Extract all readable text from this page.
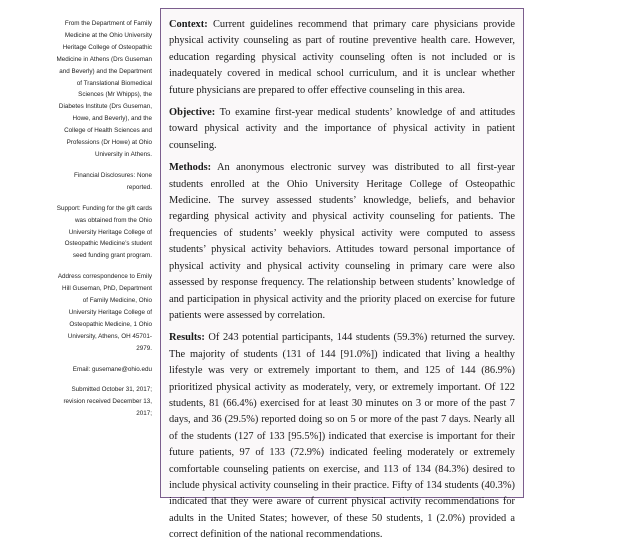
From the Department of Family Medicine at the Ohio University Heritage College of Osteopathic Medicine in Athens (Drs Guseman and Beverly) and the Department of Translational Biomedical Sciences (Mr Whipps), the Diabetes Institute (Drs Guseman, Howe, and Beverly), and the College of Health Sciences and Professions (Dr Howe) at Ohio University in Athens.

Financial Disclosures: None reported.

Support: Funding for the gift cards was obtained from the Ohio University Heritage College of Osteopathic Medicine’s student seed funding grant program.

Address correspondence to Emily Hill Guseman, PhD, Department of Family Medicine, Ohio University Heritage College of Osteopathic Medicine, 1 Ohio University, Athens, OH 45701-2979.

Email: gusemane@ohio.edu

Submitted October 31, 2017; revision received December 13, 2017;

Context: Current guidelines recommend that primary care physicians provide physical activity counseling as part of routine preventive health care. However, education regarding physical activity counseling often is not included or is inadequately covered in medical school curriculum, and it is unclear whether future physicians are prepared to offer effective counseling in this area.

Objective: To examine first-year medical students’ knowledge of and attitudes toward physical activity and the importance of physical activity in patient counseling.

Methods: An anonymous electronic survey was distributed to all first-year students enrolled at the Ohio University Heritage College of Osteopathic Medicine. The survey assessed students’ knowledge, beliefs, and behavior regarding physical activity and physical activity counseling for patients. The frequencies of students’ weekly physical activity were computed to assess students’ physical activity behaviors. Attitudes toward personal importance of physical activity and physical activity counseling in primary care were also assessed by response frequency. The relationship between students’ knowledge of and participation in physical activity and the priority placed on exercise for future patients were assessed by correlation.

Results: Of 243 potential participants, 144 students (59.3%) returned the survey. The majority of students (131 of 144 [91.0%]) indicated that living a healthy lifestyle was very or extremely important to them, and 125 of 144 (86.9%) prioritized physical activity as moderately, very, or extremely important. Of 122 students, 81 (66.4%) exercised for at least 30 minutes on 3 or more of the past 7 days, and 36 (29.5%) reported doing so on 5 or more of the past 7 days. Nearly all of the students (127 of 133 [95.5%]) indicated that exercise is important for their future patients, 97 of 133 (72.9%) indicated feeling moderately or extremely comfortable counseling patients on exercise, and 113 of 134 (84.3%) desired to include physical activity counseling in their practice. Fifty of 134 students (40.3%) indicated that they were aware of current physical activity recommendations for adults in the United States; however, of these 50 students, 1 (2.0%) provided a correct definition of the national recommendations.
